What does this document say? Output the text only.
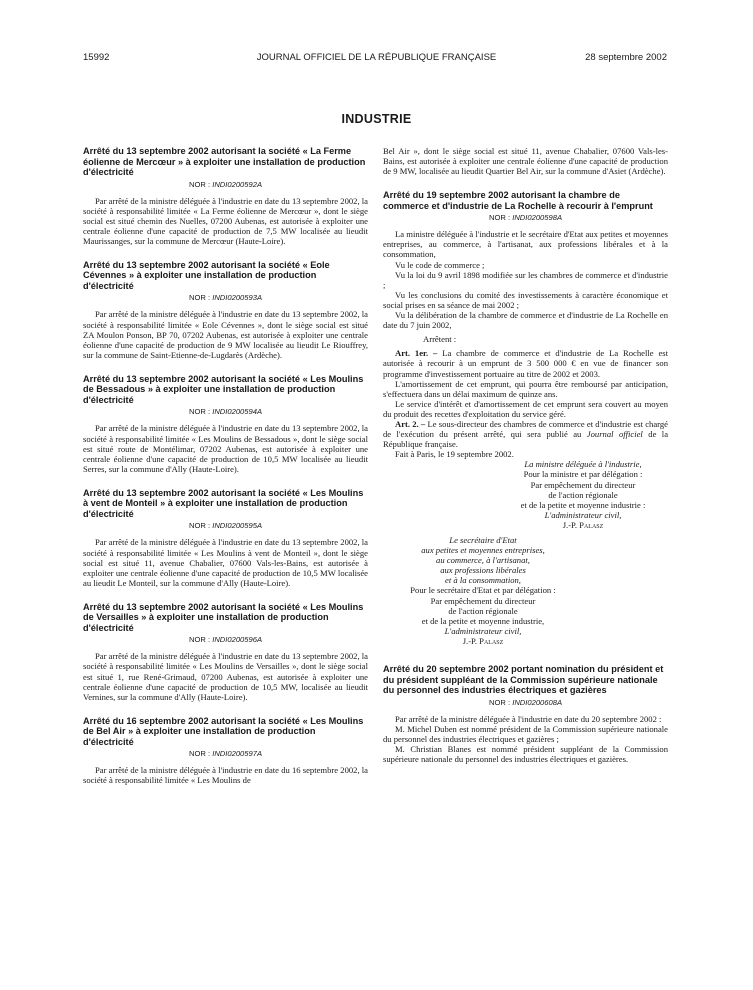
15992	JOURNAL OFFICIEL DE LA RÉPUBLIQUE FRANÇAISE	28 septembre 2002
INDUSTRIE

Arrêté du 13 septembre 2002 autorisant la société « La Ferme éolienne de Mercœur » à exploiter une installation de production d'électricité

NOR : INDI0200592A

Par arrêté de la ministre déléguée à l'industrie en date du 13 septembre 2002, la société à responsabilité limitée « La Ferme éolienne de Mercœur », dont le siège social est situé chemin des Nuelles, 07200 Aubenas, est autorisée à exploiter une centrale éolienne d'une capacité de production de 7,5 MW localisée au lieudit Maurissanges, sur la commune de Mercœur (Haute-Loire).

Arrêté du 13 septembre 2002 autorisant la société « Eole Cévennes » à exploiter une installation de production d'électricité

NOR : INDI0200593A

Par arrêté de la ministre déléguée à l'industrie en date du 13 septembre 2002, la société à responsabilité limitée « Eole Cévennes », dont le siège social est situé ZA Moulon Ponson, BP 70, 07202 Aubenas, est autorisée à exploiter une centrale éolienne d'une capacité de production de 9 MW localisée au lieudit Le Riouffrey, sur la commune de Saint-Etienne-de-Lugdarès (Ardèche).

Arrêté du 13 septembre 2002 autorisant la société « Les Moulins de Bessadous » à exploiter une installation de production d'électricité

NOR : INDI0200594A

Par arrêté de la ministre déléguée à l'industrie en date du 13 septembre 2002, la société à responsabilité limitée « Les Moulins de Bessadous », dont le siège social est situé route de Montélimar, 07202 Aubenas, est autorisée à exploiter une centrale éolienne d'une capacité de production de 10,5 MW localisée au lieudit Serres, sur la commune d'Ally (Haute-Loire).

Arrêté du 13 septembre 2002 autorisant la société « Les Moulins à vent de Monteil » à exploiter une installation de production d'électricité

NOR : INDI0200595A

Par arrêté de la ministre déléguée à l'industrie en date du 13 septembre 2002, la société à responsabilité limitée « Les Moulins à vent de Monteil », dont le siège social est situé 11, avenue Chabalier, 07600 Vals-les-Bains, est autorisée à exploiter une centrale éolienne d'une capacité de production de 10,5 MW localisée au lieudit Le Monteil, sur la commune d'Ally (Haute-Loire).

Arrêté du 13 septembre 2002 autorisant la société « Les Moulins de Versailles » à exploiter une installation de production d'électricité

NOR : INDI0200596A

Par arrêté de la ministre déléguée à l'industrie en date du 13 septembre 2002, la société à responsabilité limitée « Les Moulins de Versailles », dont le siège social est situé 1, rue René-Grimaud, 07200 Aubenas, est autorisée à exploiter une centrale éolienne d'une capacité de production de 10,5 MW, localisée au lieudit Vernines, sur la commune d'Ally (Haute-Loire).

Arrêté du 16 septembre 2002 autorisant la société « Les Moulins de Bel Air » à exploiter une installation de production d'électricité

NOR : INDI0200597A

Par arrêté de la ministre déléguée à l'industrie en date du 16 septembre 2002, la société à responsabilité limitée « Les Moulins de

Bel Air », dont le siège social est situé 11, avenue Chabalier, 07600 Vals-les-Bains, est autorisée à exploiter une centrale éolienne d'une capacité de production de 9 MW, localisée au lieudit Quartier Bel Air, sur la commune d'Asiet (Ardèche).

Arrêté du 19 septembre 2002 autorisant la chambre de commerce et d'industrie de La Rochelle à recourir à l'emprunt

NOR : INDI0200598A

La ministre déléguée à l'industrie et le secrétaire d'Etat aux petites et moyennes entreprises, au commerce, à l'artisanat, aux professions libérales et à la consommation,

Vu le code de commerce ;

Vu la loi du 9 avril 1898 modifiée sur les chambres de commerce et d'industrie ;

Vu les conclusions du comité des investissements à caractère économique et social prises en sa séance de mai 2002 ;

Vu la délibération de la chambre de commerce et d'industrie de La Rochelle en date du 7 juin 2002,

Arrêtent :

Art. 1er. – La chambre de commerce et d'industrie de La Rochelle est autorisée à recourir à un emprunt de 3 500 000 € en vue de financer son programme d'investissement portuaire au titre de 2002 et 2003.

L'amortissement de cet emprunt, qui pourra être remboursé par anticipation, s'effectuera dans un délai maximum de quinze ans.

Le service d'intérêt et d'amortissement de cet emprunt sera couvert au moyen du produit des recettes d'exploitation du service géré.

Art. 2. – Le sous-directeur des chambres de commerce et d'industrie est chargé de l'exécution du présent arrêté, qui sera publié au Journal officiel de la République française.

Fait à Paris, le 19 septembre 2002.

La ministre déléguée à l'industrie,

Pour la ministre et par délégation :

Par empêchement du directeur

de l'action régionale

et de la petite et moyenne industrie :

L'administrateur civil,

J.-P. Palasz

Le secrétaire d'Etat

aux petites et moyennes entreprises,

au commerce, à l'artisanat,

aux professions libérales

et à la consommation,

Pour le secrétaire d'Etat et par délégation :

Par empêchement du directeur

de l'action régionale

et de la petite et moyenne industrie,

L'administrateur civil,

J.-P. Palasz

Arrêté du 20 septembre 2002 portant nomination du président et du président suppléant de la Commission supérieure nationale du personnel des industries électriques et gazières

NOR : INDI0200608A

Par arrêté de la ministre déléguée à l'industrie en date du 20 septembre 2002 :

M. Michel Duben est nommé président de la Commission supérieure nationale du personnel des industries électriques et gazières ;

M. Christian Blanes est nommé président suppléant de la Commission supérieure nationale du personnel des industries électriques et gazières.
